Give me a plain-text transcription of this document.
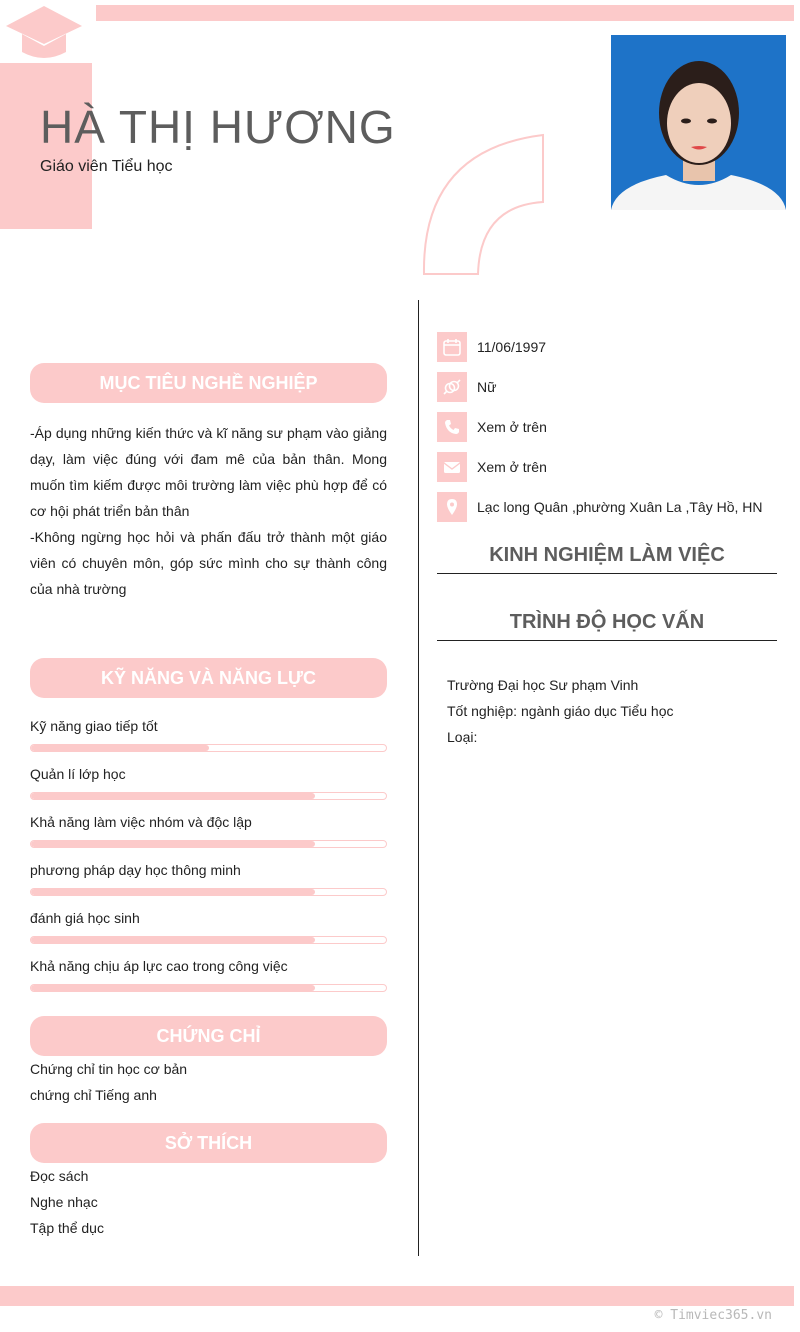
HÀ THỊ HƯƠNG
Giáo viên Tiểu học
MỤC TIÊU NGHỀ NGHIỆP

-Áp dụng những kiến thức và kĩ năng sư phạm vào giảng dạy, làm việc đúng với đam mê của bản thân. Mong muốn tìm kiếm được môi trường làm việc phù hợp để có cơ hội phát triển bản thân

-Không ngừng học hỏi và phấn đấu trở thành một giáo viên có chuyên môn, góp sức mình cho sự thành công của nhà trường

KỸ NĂNG VÀ NĂNG LỰC
Kỹ năng giao tiếp tốt
Quản lí lớp học
Khả năng làm việc nhóm và độc lập
phương pháp dạy học thông minh
đánh giá học sinh
Khả năng chịu áp lực cao trong công việc
CHỨNG CHỈ
Chứng chỉ tin học cơ bản
chứng chỉ Tiếng anh
SỞ THÍCH
Đọc sách
Nghe nhạc
Tập thể dục
11/06/1997
Nữ
Xem ở trên
Xem ở trên
Lạc long Quân ,phường Xuân La ,Tây Hồ, HN
KINH NGHIỆM LÀM VIỆC
TRÌNH ĐỘ HỌC VẤN
Trường Đại học Sư phạm Vinh
Tốt nghiệp: ngành giáo dục Tiểu học
Loại:
© Timviec365.vn
